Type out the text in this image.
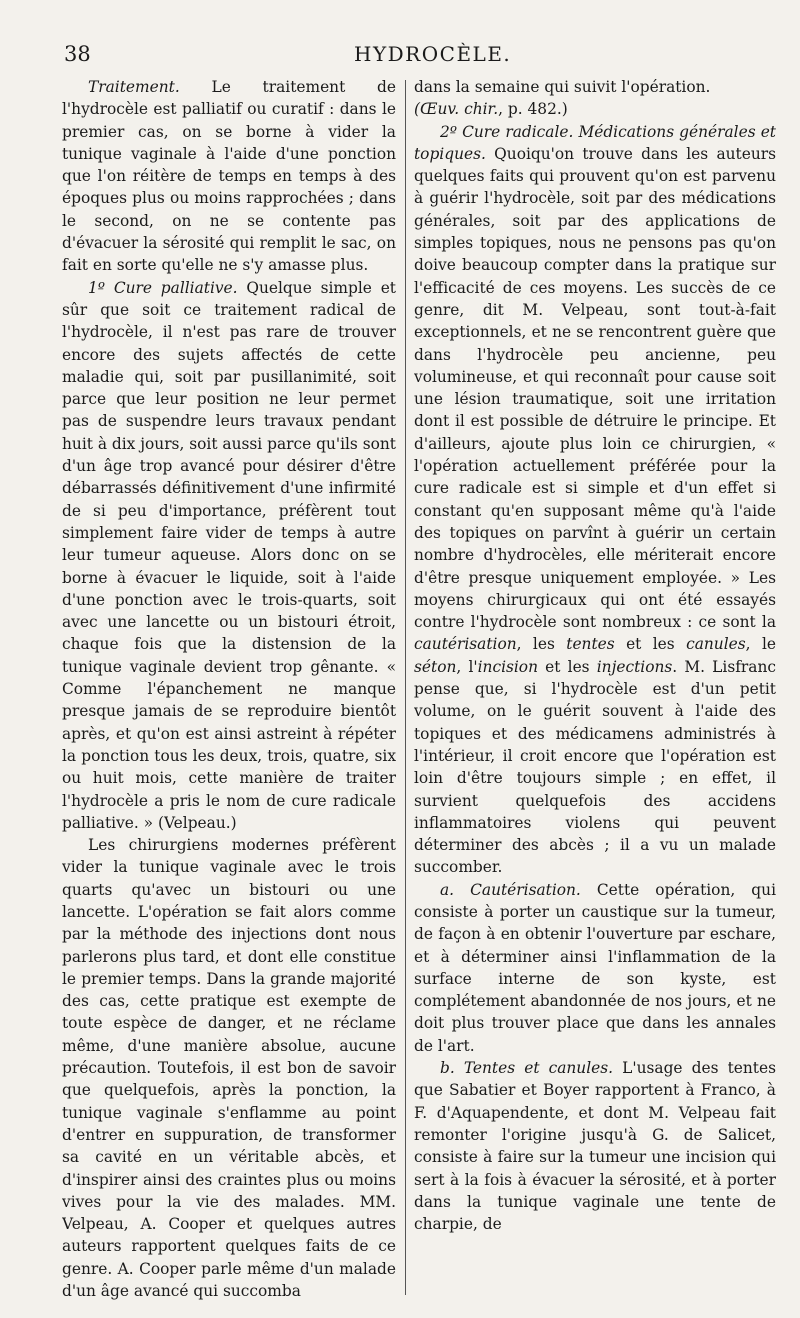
38	HYDROCÈLE.

Traitement. Le traitement de l'hydrocèle est palliatif ou curatif : dans le premier cas, on se borne à vider la tunique vaginale à l'aide d'une ponction que l'on réitère de temps en temps à des époques plus ou moins rapprochées ; dans le second, on ne se contente pas d'évacuer la sérosité qui remplit le sac, on fait en sorte qu'elle ne s'y amasse plus.

1º Cure palliative. Quelque simple et sûr que soit ce traitement radical de l'hydrocèle, il n'est pas rare de trouver encore des sujets affectés de cette maladie qui, soit par pusillanimité, soit parce que leur position ne leur permet pas de suspendre leurs travaux pendant huit à dix jours, soit aussi parce qu'ils sont d'un âge trop avancé pour désirer d'être débarrassés définitivement d'une infirmité de si peu d'importance, préfèrent tout simplement faire vider de temps à autre leur tumeur aqueuse. Alors donc on se borne à évacuer le liquide, soit à l'aide d'une ponction avec le trois-quarts, soit avec une lancette ou un bistouri étroit, chaque fois que la distension de la tunique vaginale devient trop gênante. « Comme l'épanchement ne manque presque jamais de se reproduire bientôt après, et qu'on est ainsi astreint à répéter la ponction tous les deux, trois, quatre, six ou huit mois, cette manière de traiter l'hydrocèle a pris le nom de cure radicale palliative. » (Velpeau.)

Les chirurgiens modernes préfèrent vider la tunique vaginale avec le trois quarts qu'avec un bistouri ou une lancette. L'opération se fait alors comme par la méthode des injections dont nous parlerons plus tard, et dont elle constitue le premier temps. Dans la grande majorité des cas, cette pratique est exempte de toute espèce de danger, et ne réclame même, d'une manière absolue, aucune précaution. Toutefois, il est bon de savoir que quelquefois, après la ponction, la tunique vaginale s'enflamme au point d'entrer en suppuration, de transformer sa cavité en un véritable abcès, et d'inspirer ainsi des craintes plus ou moins vives pour la vie des malades. MM. Velpeau, A. Cooper et quelques autres auteurs rapportent quelques faits de ce genre. A. Cooper parle même d'un malade d'un âge avancé qui succomba

dans la semaine qui suivit l'opération.
(Œuv. chir., p. 482.)

2º Cure radicale. Médications générales et topiques. Quoiqu'on trouve dans les auteurs quelques faits qui prouvent qu'on est parvenu à guérir l'hydrocèle, soit par des médications générales, soit par des applications de simples topiques, nous ne pensons pas qu'on doive beaucoup compter dans la pratique sur l'efficacité de ces moyens. Les succès de ce genre, dit M. Velpeau, sont tout-à-fait exceptionnels, et ne se rencontrent guère que dans l'hydrocèle peu ancienne, peu volumineuse, et qui reconnaît pour cause soit une lésion traumatique, soit une irritation dont il est possible de détruire le principe. Et d'ailleurs, ajoute plus loin ce chirurgien, « l'opération actuellement préférée pour la cure radicale est si simple et d'un effet si constant qu'en supposant même qu'à l'aide des topiques on parvînt à guérir un certain nombre d'hydrocèles, elle mériterait encore d'être presque uniquement employée. » Les moyens chirurgicaux qui ont été essayés contre l'hydrocèle sont nombreux : ce sont la cautérisation, les tentes et les canules, le séton, l'incision et les injections. M. Lisfranc pense que, si l'hydrocèle est d'un petit volume, on le guérit souvent à l'aide des topiques et des médicamens administrés à l'intérieur, il croit encore que l'opération est loin d'être toujours simple ; en effet, il survient quelquefois des accidens inflammatoires violens qui peuvent déterminer des abcès ; il a vu un malade succomber.

a. Cautérisation. Cette opération, qui consiste à porter un caustique sur la tumeur, de façon à en obtenir l'ouverture par eschare, et à déterminer ainsi l'inflammation de la surface interne de son kyste, est complétement abandonnée de nos jours, et ne doit plus trouver place que dans les annales de l'art.

b. Tentes et canules. L'usage des tentes que Sabatier et Boyer rapportent à Franco, à F. d'Aquapendente, et dont M. Velpeau fait remonter l'origine jusqu'à G. de Salicet, consiste à faire sur la tumeur une incision qui sert à la fois à évacuer la sérosité, et à porter dans la tunique vaginale une tente de charpie, de
